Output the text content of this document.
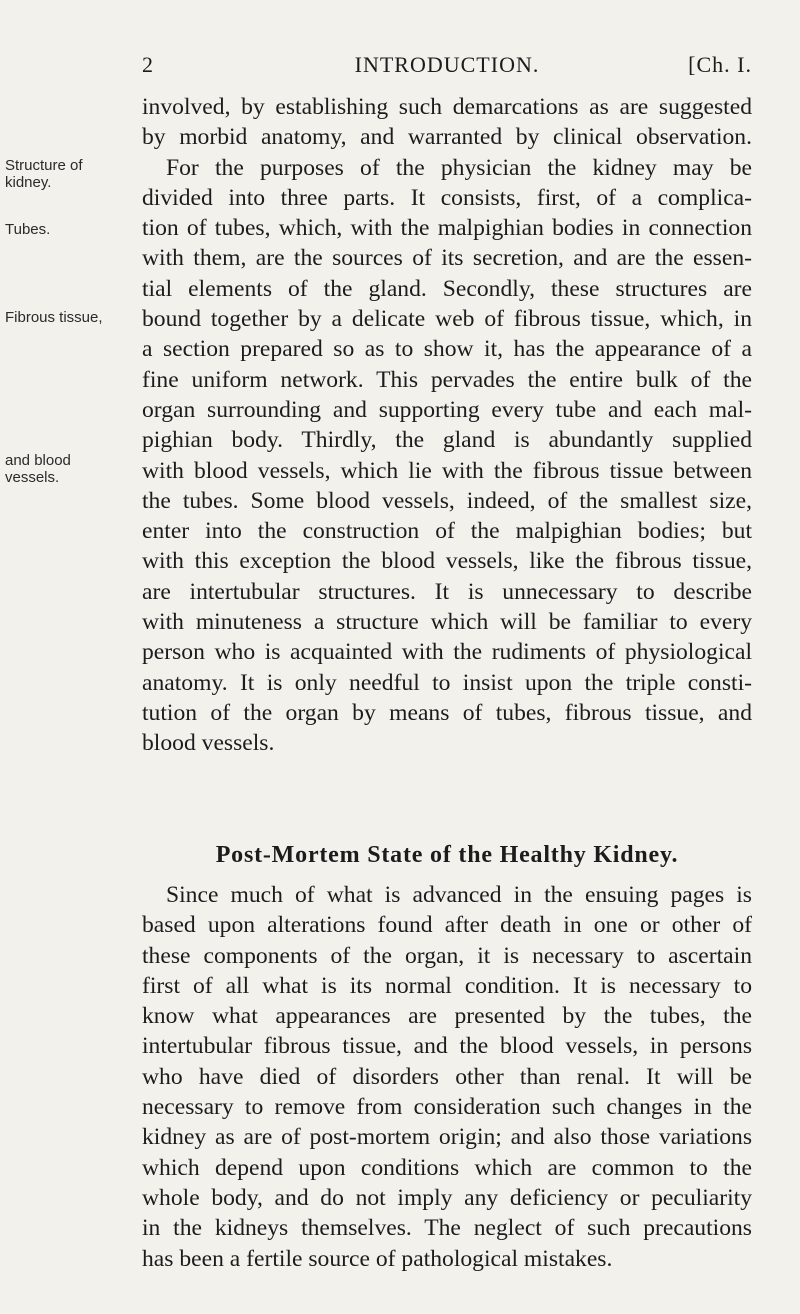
2	INTRODUCTION.	[Ch. I.
Structure of kidney.
Tubes.
Fibrous tissue,
and blood vessels.
involved, by establishing such demarcations as are suggested
by morbid anatomy, and warranted by clinical observation.
For the purposes of the physician the kidney may be
divided into three parts. It consists, first, of a complica-
tion of tubes, which, with the malpighian bodies in connection
with them, are the sources of its secretion, and are the essen-
tial elements of the gland. Secondly, these structures are
bound together by a delicate web of fibrous tissue, which, in
a section prepared so as to show it, has the appearance of a
fine uniform network. This pervades the entire bulk of the
organ surrounding and supporting every tube and each mal-
pighian body. Thirdly, the gland is abundantly supplied
with blood vessels, which lie with the fibrous tissue between
the tubes. Some blood vessels, indeed, of the smallest size,
enter into the construction of the malpighian bodies; but
with this exception the blood vessels, like the fibrous tissue,
are intertubular structures. It is unnecessary to describe
with minuteness a structure which will be familiar to every
person who is acquainted with the rudiments of physiological
anatomy. It is only needful to insist upon the triple consti-
tution of the organ by means of tubes, fibrous tissue, and
blood vessels.
Post-Mortem State of the Healthy Kidney.
Since much of what is advanced in the ensuing pages is
based upon alterations found after death in one or other of
these components of the organ, it is necessary to ascertain
first of all what is its normal condition. It is necessary to
know what appearances are presented by the tubes, the
intertubular fibrous tissue, and the blood vessels, in persons
who have died of disorders other than renal. It will be
necessary to remove from consideration such changes in the
kidney as are of post-mortem origin; and also those variations
which depend upon conditions which are common to the
whole body, and do not imply any deficiency or peculiarity
in the kidneys themselves. The neglect of such precautions
has been a fertile source of pathological mistakes.
